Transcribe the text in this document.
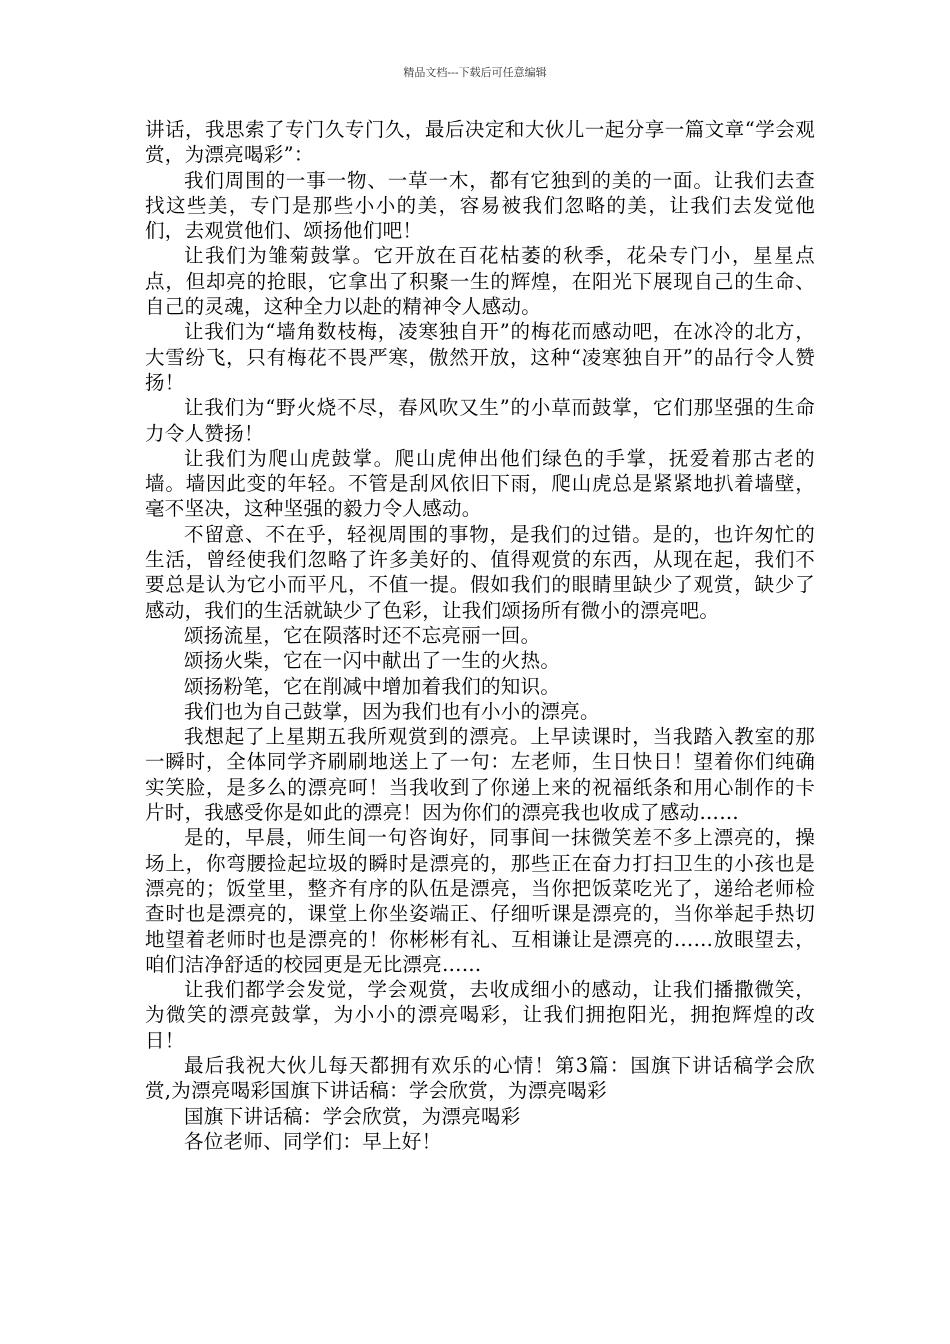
精品文档---下载后可任意编辑

讲话，我思索了专门久专门久，最后决定和大伙儿一起分享一篇文章“学会观赏，为漂亮喝彩”：

我们周围的一事一物、一草一木，都有它独到的美的一面。让我们去查找这些美，专门是那些小小的美，容易被我们忽略的美，让我们去发觉他们，去观赏他们、颂扬他们吧！

让我们为雏菊鼓掌。它开放在百花枯萎的秋季，花朵专门小，星星点点，但却亮的抢眼，它拿出了积聚一生的辉煌，在阳光下展现自己的生命、自己的灵魂，这种全力以赴的精神令人感动。

让我们为“墙角数枝梅，凌寒独自开”的梅花而感动吧，在冰冷的北方，大雪纷飞，只有梅花不畏严寒，傲然开放，这种“凌寒独自开”的品行令人赞扬！

让我们为“野火烧不尽，春风吹又生”的小草而鼓掌，它们那坚强的生命力令人赞扬！

让我们为爬山虎鼓掌。爬山虎伸出他们绿色的手掌，抚爱着那古老的墙。墙因此变的年轻。不管是刮风依旧下雨，爬山虎总是紧紧地扒着墙壁，毫不坚决，这种坚强的毅力令人感动。

不留意、不在乎，轻视周围的事物，是我们的过错。是的，也许匆忙的生活，曾经使我们忽略了许多美好的、值得观赏的东西，从现在起，我们不要总是认为它小而平凡，不值一提。假如我们的眼睛里缺少了观赏，缺少了感动，我们的生活就缺少了色彩，让我们颂扬所有微小的漂亮吧。

颂扬流星，它在陨落时还不忘亮丽一回。

颂扬火柴，它在一闪中献出了一生的火热。

颂扬粉笔，它在削减中增加着我们的知识。

我们也为自己鼓掌，因为我们也有小小的漂亮。

我想起了上星期五我所观赏到的漂亮。上早读课时，当我踏入教室的那一瞬时，全体同学齐刷刷地送上了一句：左老师，生日快日！望着你们纯确实笑脸，是多么的漂亮呵！当我收到了你递上来的祝福纸条和用心制作的卡片时，我感受你是如此的漂亮！因为你们的漂亮我也收成了感动……

是的，早晨，师生间一句咨询好，同事间一抹微笑差不多上漂亮的，操场上，你弯腰捡起垃圾的瞬时是漂亮的，那些正在奋力打扫卫生的小孩也是漂亮的；饭堂里，整齐有序的队伍是漂亮，当你把饭菜吃光了，递给老师检查时也是漂亮的，课堂上你坐姿端正、仔细听课是漂亮的，当你举起手热切地望着老师时也是漂亮的！你彬彬有礼、互相谦让是漂亮的……放眼望去，咱们洁净舒适的校园更是无比漂亮……

让我们都学会发觉，学会观赏，去收成细小的感动，让我们播撒微笑，为微笑的漂亮鼓掌，为小小的漂亮喝彩，让我们拥抱阳光，拥抱辉煌的改日！

最后我祝大伙儿每天都拥有欢乐的心情！第3篇：国旗下讲话稿学会欣赏,为漂亮喝彩国旗下讲话稿：学会欣赏，为漂亮喝彩

国旗下讲话稿：学会欣赏，为漂亮喝彩

各位老师、同学们：早上好！
